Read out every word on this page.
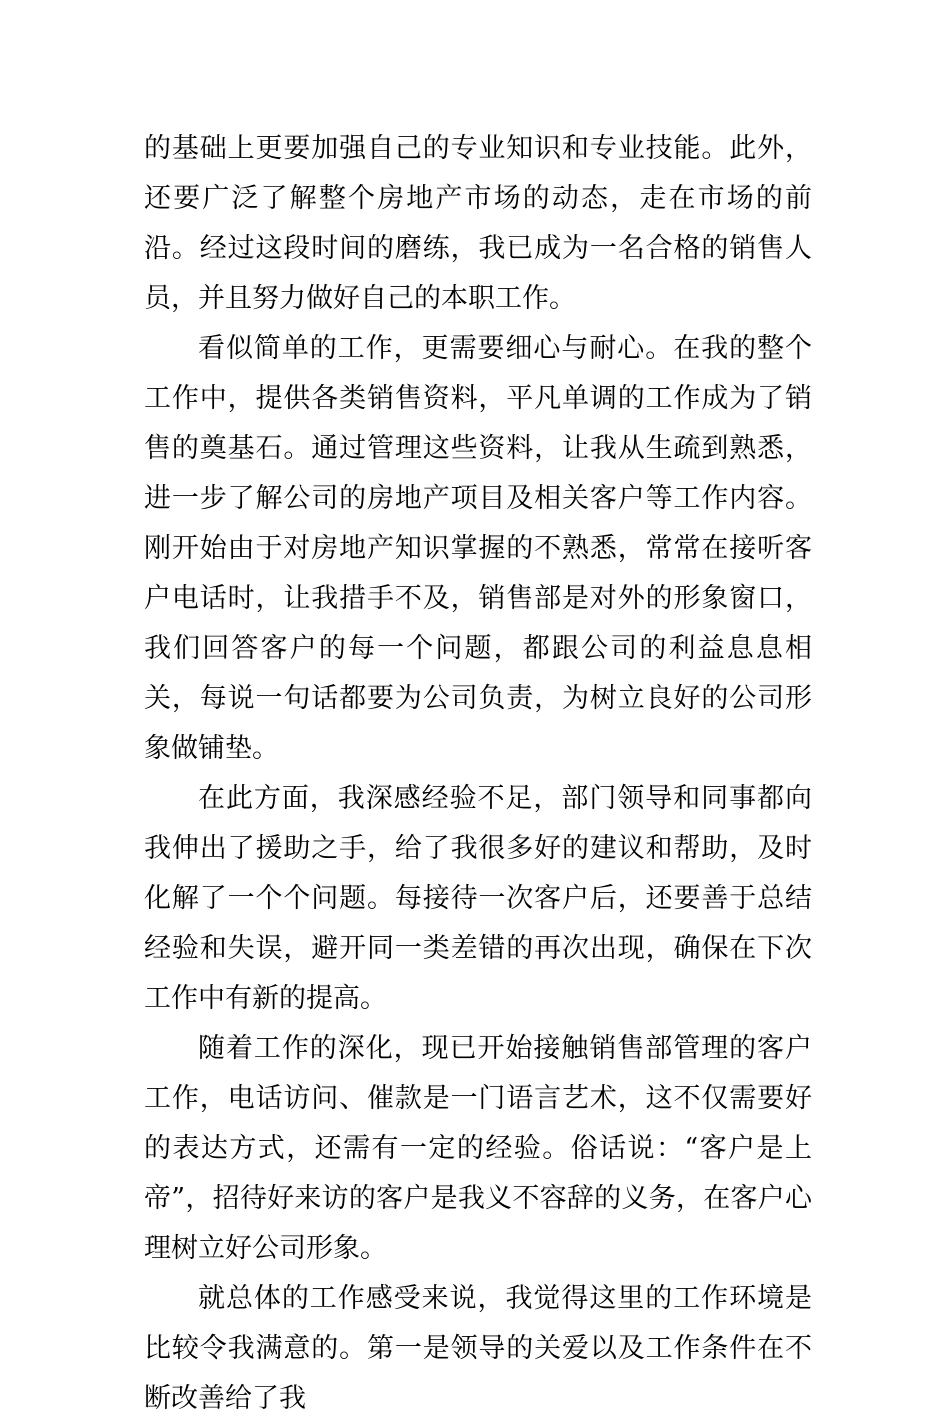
的基础上更要加强自己的专业知识和专业技能。此外，还要广泛了解整个房地产市场的动态，走在市场的前沿。经过这段时间的磨练，我已成为一名合格的销售人员，并且努力做好自己的本职工作。

看似简单的工作，更需要细心与耐心。在我的整个工作中，提供各类销售资料，平凡单调的工作成为了销售的奠基石。通过管理这些资料，让我从生疏到熟悉，进一步了解公司的房地产项目及相关客户等工作内容。刚开始由于对房地产知识掌握的不熟悉，常常在接听客户电话时，让我措手不及，销售部是对外的形象窗口，我们回答客户的每一个问题，都跟公司的利益息息相关，每说一句话都要为公司负责，为树立良好的公司形象做铺垫。

在此方面，我深感经验不足，部门领导和同事都向我伸出了援助之手，给了我很多好的建议和帮助，及时化解了一个个问题。每接待一次客户后，还要善于总结经验和失误，避开同一类差错的再次出现，确保在下次工作中有新的提高。

随着工作的深化，现已开始接触销售部管理的客户工作，电话访问、催款是一门语言艺术，这不仅需要好的表达方式，还需有一定的经验。俗话说：“客户是上帝”，招待好来访的客户是我义不容辞的义务，在客户心理树立好公司形象。

就总体的工作感受来说，我觉得这里的工作环境是比较令我满意的。第一是领导的关爱以及工作条件在不断改善给了我
